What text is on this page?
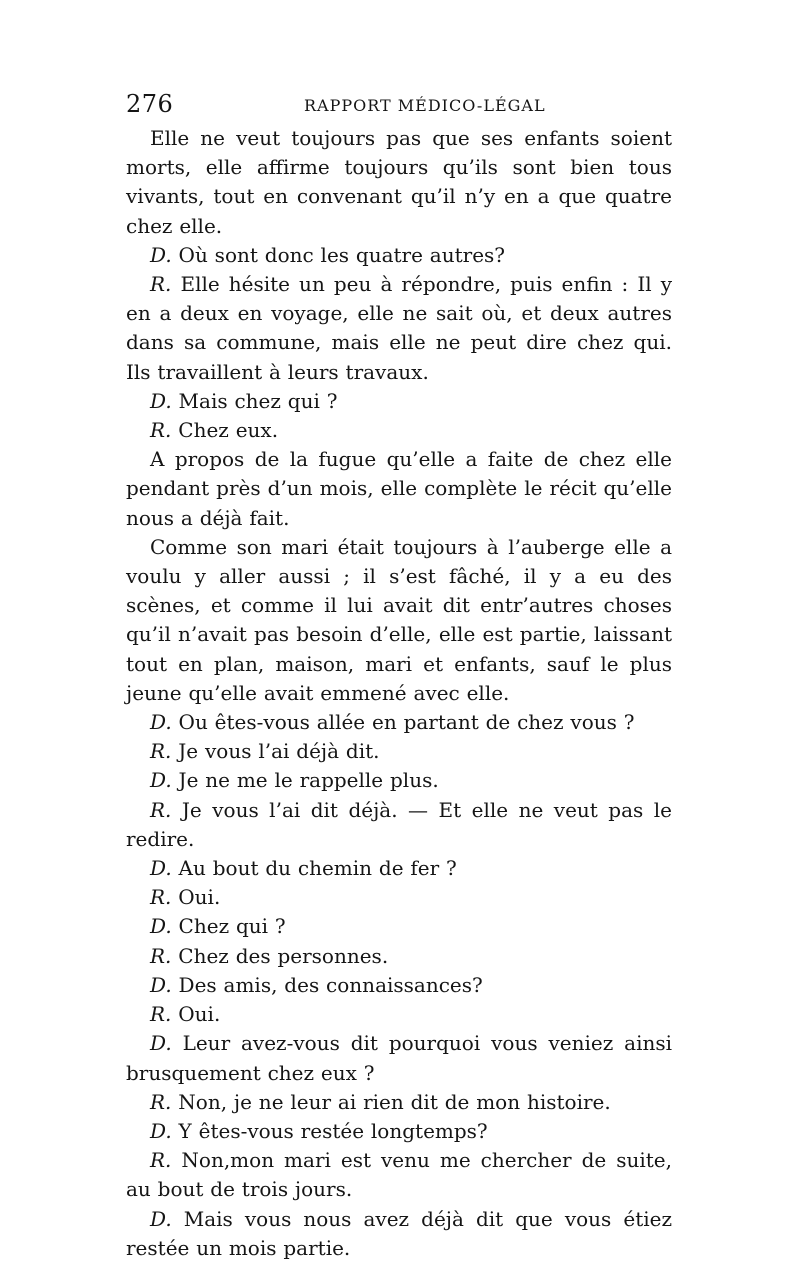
276	RAPPORT MÉDICO-LÉGAL

Elle ne veut toujours pas que ses enfants soient morts, elle affirme toujours qu’ils sont bien tous vivants, tout en convenant qu’il n’y en a que quatre chez elle.

D. Où sont donc les quatre autres?

R. Elle hésite un peu à répondre, puis enfin : Il y en a deux en voyage, elle ne sait où, et deux autres dans sa commune, mais elle ne peut dire chez qui. Ils travaillent à leurs travaux.

D. Mais chez qui ?

R. Chez eux.

A propos de la fugue qu’elle a faite de chez elle pendant près d’un mois, elle complète le récit qu’elle nous a déjà fait.

Comme son mari était toujours à l’auberge elle a voulu y aller aussi ; il s’est fâché, il y a eu des scènes, et comme il lui avait dit entr’autres choses qu’il n’avait pas besoin d’elle, elle est partie, laissant tout en plan, maison, mari et enfants, sauf le plus jeune qu’elle avait emmené avec elle.

D. Ou êtes-vous allée en partant de chez vous ?

R. Je vous l’ai déjà dit.

D. Je ne me le rappelle plus.

R. Je vous l’ai dit déjà. — Et elle ne veut pas le redire.

D. Au bout du chemin de fer ?

R. Oui.

D. Chez qui ?

R. Chez des personnes.

D. Des amis, des connaissances?

R. Oui.

D. Leur avez-vous dit pourquoi vous veniez ainsi brusquement chez eux ?

R. Non, je ne leur ai rien dit de mon histoire.

D. Y êtes-vous restée longtemps?

R. Non,mon mari est venu me chercher de suite, au bout de trois jours.

D. Mais vous nous avez déjà dit que vous étiez restée un mois partie.
